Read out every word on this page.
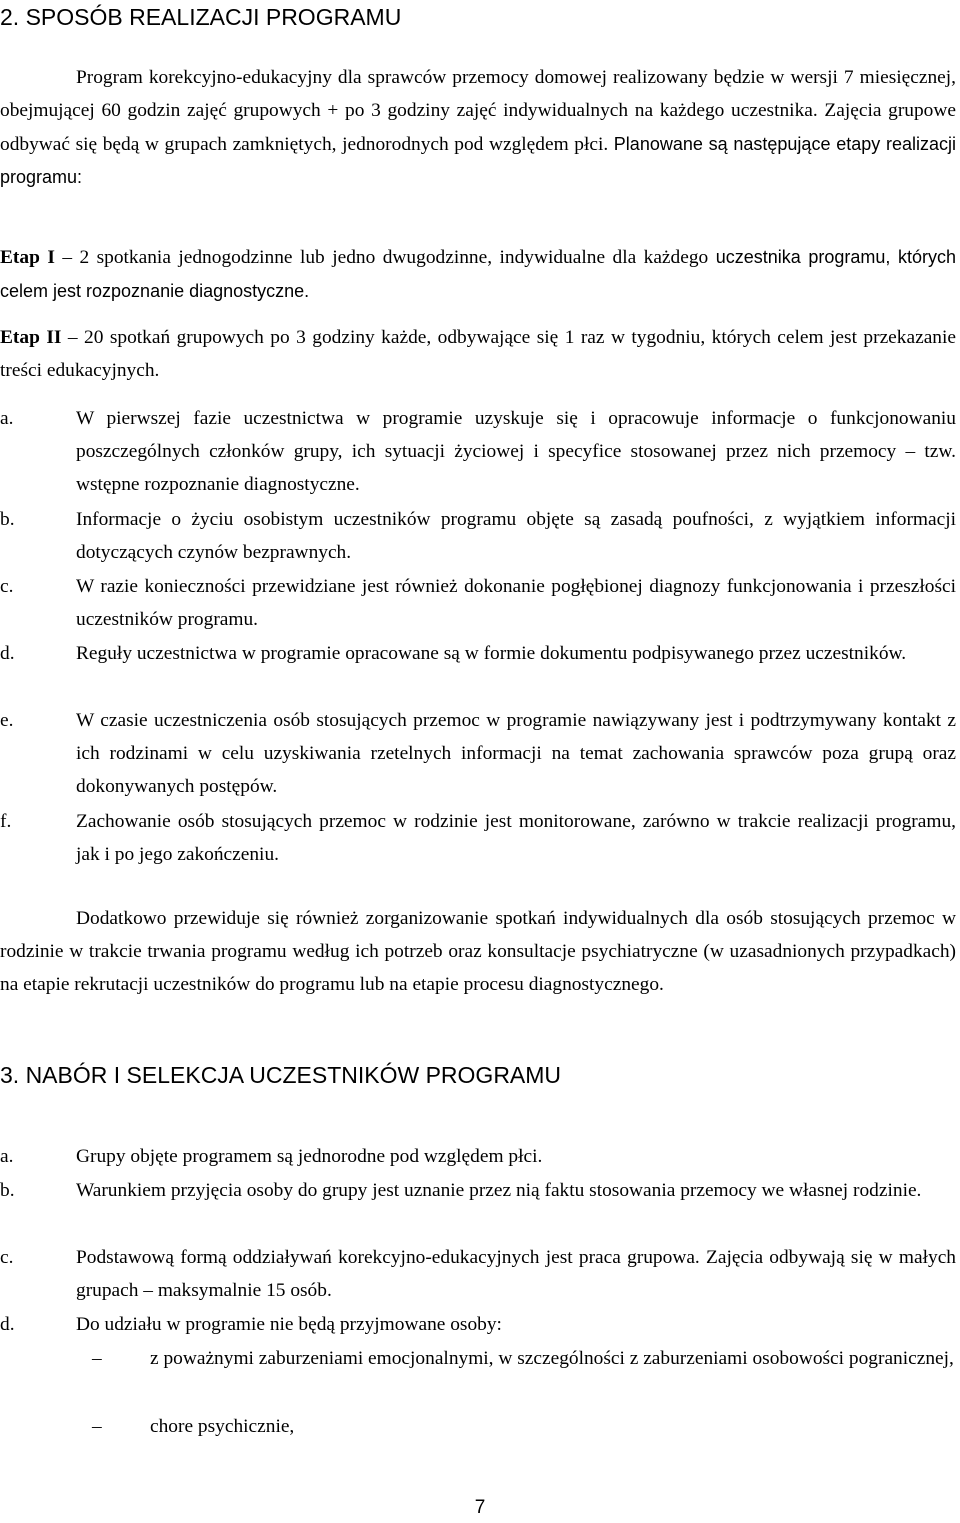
2. SPOSÓB REALIZACJI PROGRAMU

Program korekcyjno-edukacyjny dla sprawców przemocy domowej realizowany będzie w wersji 7 miesięcznej, obejmującej 60 godzin zajęć grupowych + po 3 godziny zajęć indywidualnych na każdego uczestnika. Zajęcia grupowe odbywać się będą w grupach zamkniętych, jednorodnych pod względem płci. Planowane są następujące etapy realizacji programu:

Etap I – 2 spotkania jednogodzinne lub jedno dwugodzinne, indywidualne dla każdego uczestnika programu, których celem jest rozpoznanie diagnostyczne.

Etap II – 20 spotkań grupowych po 3 godziny każde, odbywające się 1 raz w tygodniu, których celem jest przekazanie treści edukacyjnych.

a.	W pierwszej fazie uczestnictwa w programie uzyskuje się i opracowuje informacje o funkcjonowaniu poszczególnych członków grupy, ich sytuacji życiowej i specyfice stosowanej przez nich przemocy – tzw. wstępne rozpoznanie diagnostyczne.
b.	Informacje o życiu osobistym uczestników programu objęte są zasadą poufności, z wyjątkiem informacji dotyczących czynów bezprawnych.
c.	W razie konieczności przewidziane jest również dokonanie pogłębionej diagnozy funkcjonowania i przeszłości uczestników programu.
d.	Reguły uczestnictwa w programie opracowane są w formie dokumentu podpisywanego przez uczestników.
e.	W czasie uczestniczenia osób stosujących przemoc w programie nawiązywany jest i podtrzymywany kontakt z ich rodzinami w celu uzyskiwania rzetelnych informacji na temat zachowania sprawców poza grupą oraz dokonywanych postępów.
f.	Zachowanie osób stosujących przemoc w rodzinie jest monitorowane, zarówno w trakcie realizacji programu, jak i po jego zakończeniu.

Dodatkowo przewiduje się również zorganizowanie spotkań indywidualnych dla osób stosujących przemoc w rodzinie w trakcie trwania programu według ich potrzeb oraz konsultacje psychiatryczne (w uzasadnionych przypadkach) na etapie rekrutacji uczestników do programu lub na etapie procesu diagnostycznego.

3. NABÓR I SELEKCJA UCZESTNIKÓW PROGRAMU
a.	Grupy objęte programem są jednorodne pod względem płci.
b.	Warunkiem przyjęcia osoby do grupy jest uznanie przez nią faktu stosowania przemocy we własnej rodzinie.
c.	Podstawową formą oddziaływań korekcyjno-edukacyjnych jest praca grupowa. Zajęcia odbywają się w małych grupach – maksymalnie 15 osób.
d.	Do udziału w programie nie będą przyjmowane osoby:
– z poważnymi zaburzeniami emocjonalnymi, w szczególności z zaburzeniami osobowości pogranicznej,
– chore psychicznie,
7
